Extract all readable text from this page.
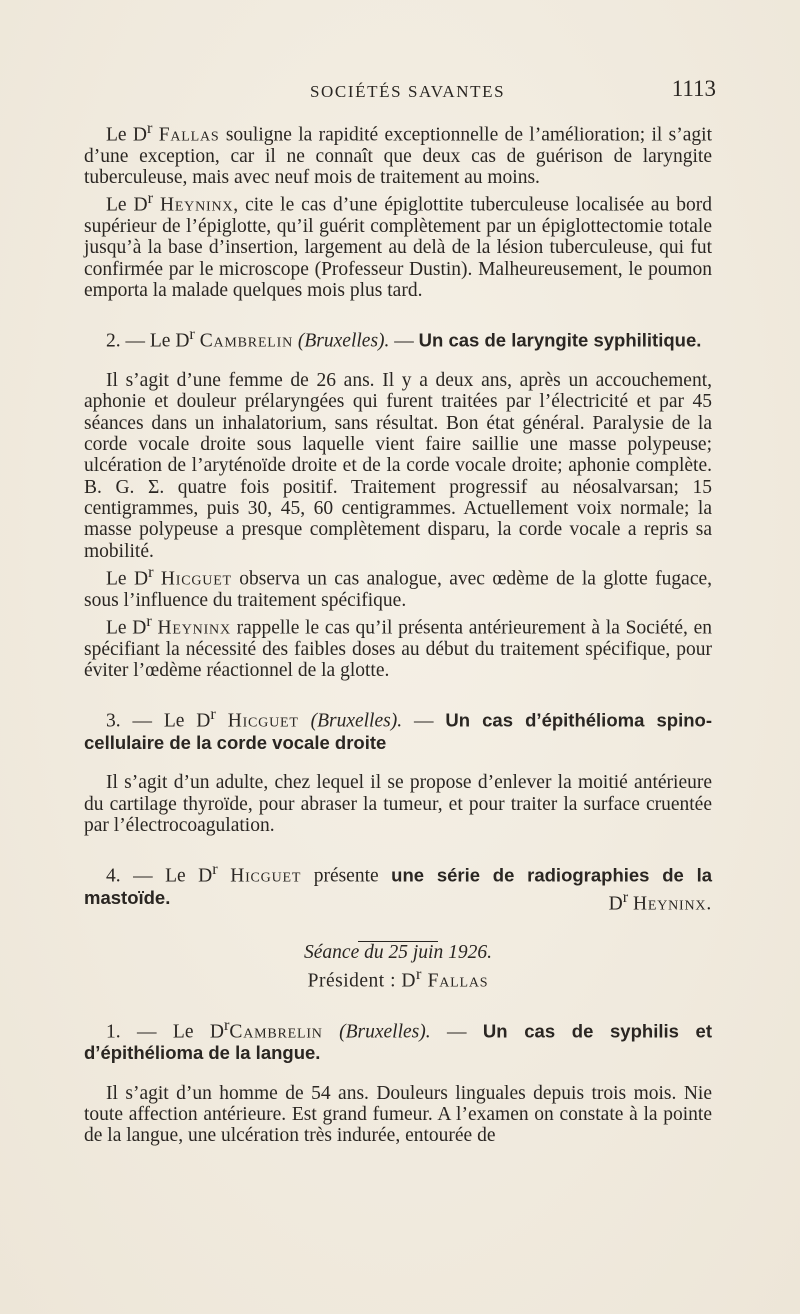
SOCIÉTÉS SAVANTES	1113

Le $D^r$ Fallas souligne la rapidité exceptionnelle de l’amélioration; il s’agit d’une exception, car il ne connaît que deux cas de guérison de laryngite tuberculeuse, mais avec neuf mois de traitement au moins.

Le $D^r$ Heyninx, cite le cas d’une épiglottite tuberculeuse localisée au bord supérieur de l’épiglotte, qu’il guérit complètement par un épiglottectomie totale jusqu’à la base d’insertion, largement au delà de la lésion tuberculeuse, qui fut confirmée par le microscope (Professeur Dustin). Malheureusement, le poumon emporta la malade quelques mois plus tard.

2. — Le $D^r$ Cambrelin (Bruxelles). — Un cas de laryngite syphilitique.

Il s’agit d’une femme de 26 ans. Il y a deux ans, après un accouchement, aphonie et douleur prélaryngées qui furent traitées par l’électricité et par 45 séances dans un inhalatorium, sans résultat. Bon état général. Paralysie de la corde vocale droite sous laquelle vient faire saillie une masse polypeuse; ulcération de l’aryténoïde droite et de la corde vocale droite; aphonie complète. B. G. Σ. quatre fois positif. Traitement progressif au néosalvarsan; 15 centigrammes, puis 30, 45, 60 centigrammes. Actuellement voix normale; la masse polypeuse a presque complètement disparu, la corde vocale a repris sa mobilité.

Le $D^r$ Hicguet observa un cas analogue, avec œdème de la glotte fugace, sous l’influence du traitement spécifique.

Le $D^r$ Heyninx rappelle le cas qu’il présenta antérieurement à la Société, en spécifiant la nécessité des faibles doses au début du traitement spécifique, pour éviter l’œdème réactionnel de la glotte.

3. — Le $D^r$ Hicguet (Bruxelles). — Un cas d’épithélioma spino-cellulaire de la corde vocale droite

Il s’agit d’un adulte, chez lequel il se propose d’enlever la moitié antérieure du cartilage thyroïde, pour abraser la tumeur, et pour traiter la surface cruentée par l’électrocoagulation.

4. — Le $D^r$ Hicguet présente une série de radiographies de la mastoïde.	$D^r$ Heyninx.

Séance du 25 juin 1926.

Président : $D^r$ Fallas

1. — Le $D^rCambrelin$ (Bruxelles). — Un cas de syphilis et d’épithélioma de la langue.

Il s’agit d’un homme de 54 ans. Douleurs linguales depuis trois mois. Nie toute affection antérieure. Est grand fumeur. A l’examen on constate à la pointe de la langue, une ulcération très indurée, entourée de
